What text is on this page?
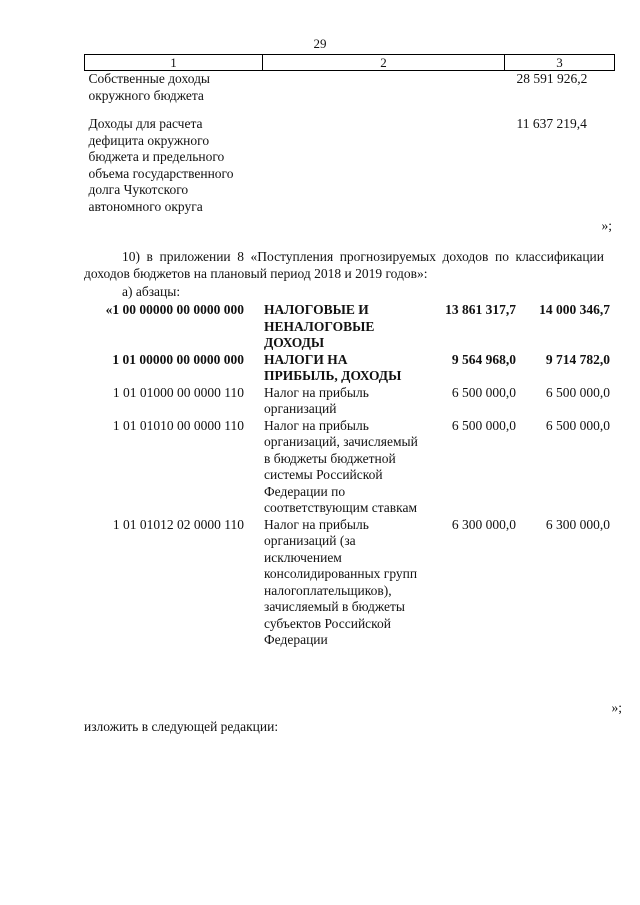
29
1	2	3
Собственные доходы окружного бюджета		28 591 926,2

Доходы для расчета дефицита окружного бюджета и предельного объема государственного долга Чукотского автономного округа		11 637 219,4
»;
10) в приложении 8 «Поступления прогнозируемых доходов по классификации доходов бюджетов на плановый период 2018 и 2019 годов»:
а) абзацы:
«1 00 00000 00 0000 000	НАЛОГОВЫЕ И НЕНАЛОГОВЫЕ ДОХОДЫ	13 861 317,7	14 000 346,7
1 01 00000 00 0000 000	НАЛОГИ НА ПРИБЫЛЬ, ДОХОДЫ	9 564 968,0	9 714 782,0
1 01 01000 00 0000 110	Налог на прибыль организаций	6 500 000,0	6 500 000,0
1 01 01010 00 0000 110	Налог на прибыль организаций, зачисляемый в бюджеты бюджетной системы Российской Федерации по соответствующим ставкам	6 500 000,0	6 500 000,0
1 01 01012 02 0000 110	Налог на прибыль организаций (за исключением консолидированных групп налогоплательщиков), зачисляемый в бюджеты субъектов Российской Федерации	6 300 000,0	6 300 000,0
»;
изложить в следующей редакции:
